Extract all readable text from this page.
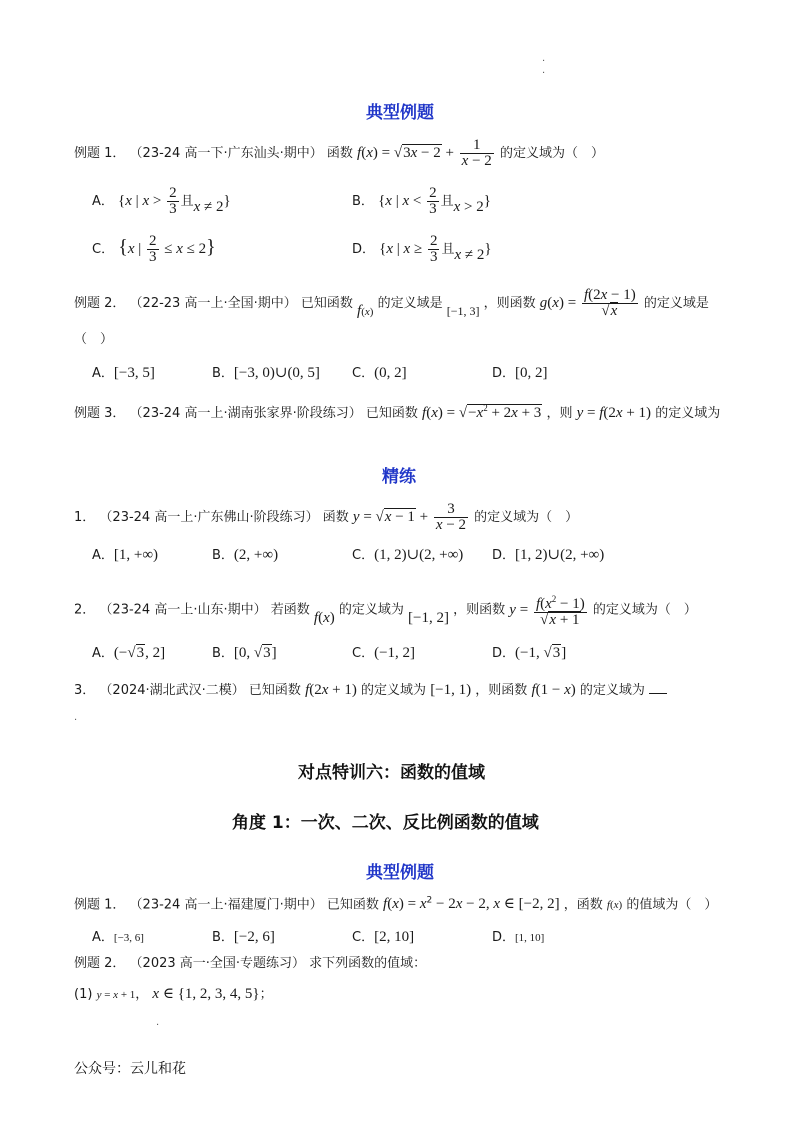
·
·
典型例题
例题 1． （23-24 高一下·广东汕头·期中） 函数 $f(x) = √3x - 2 + \frac{1}{x - 2}$ 的定义域为（　）
A． {x | $x > \frac{2}{3}$ 且x ≠ 2}	B． {x | $x < \frac{2}{3}$ 且x > 2}
C． {x | $\frac{2}{3} \le x \le 2$}	D． {x | $x \ge \frac{2}{3}$ 且x ≠ 2}
例题 2． （22-23 高一上·全国·期中） 已知函数 f(x) 的定义域是 [−1, 3] ，则函数 $g(x) = \frac{f(2x - 1)}{√x}$ 的定义域是
（　）
A．[−3, 5]	B．[−3, 0)∪(0, 5] C．(0, 2]	D．[0, 2]
例题 3． （23-24 高一上·湖南张家界·阶段练习） 已知函数 $f(x) = √-x^2 + 2x + 3$ ，则 y = f(2x + 1) 的定义域为
精练
1． （23-24 高一上·广东佛山·阶段练习） 函数 $y = √x - 1 + \frac{3}{x - 2}$ 的定义域为（　）
A．[1, +∞)	B．(2, +∞)	C．(1, 2)∪(2, +∞) D．[1, 2)∪(2, +∞)
2． （23-24 高一上·山东·期中） 若函数 f(x) 的定义域为 [−1, 2] ，则函数 $y = \frac{f(x^2 - 1)}{√x + 1}$ 的定义域为（　）
A．(−√3, 2]	B．[0, √3]	C．(−1, 2]	D．(−1, √3]
3． （2024·湖北武汉·二模） 已知函数 f(2x + 1) 的定义域为 [−1, 1) ，则函数 f(1 − x) 的定义域为
.
对点特训六：函数的值域
角度 1：一次、二次、反比例函数的值域
典型例题
例题 1． （23-24 高一上·福建厦门·期中） 已知函数 $f(x) = x^2 - 2x - 2$, x ∈ [−2, 2] ，函数 f(x) 的值域为（　）
A．[−3, 6]	B．[−2, 6]	C．[2, 10]	D．[1, 10]
例题 2． （2023 高一·全国·专题练习） 求下列函数的值域：
(1) y = x + 1， x ∈ {1, 2, 3, 4, 5}；
·
公众号：云儿和花
